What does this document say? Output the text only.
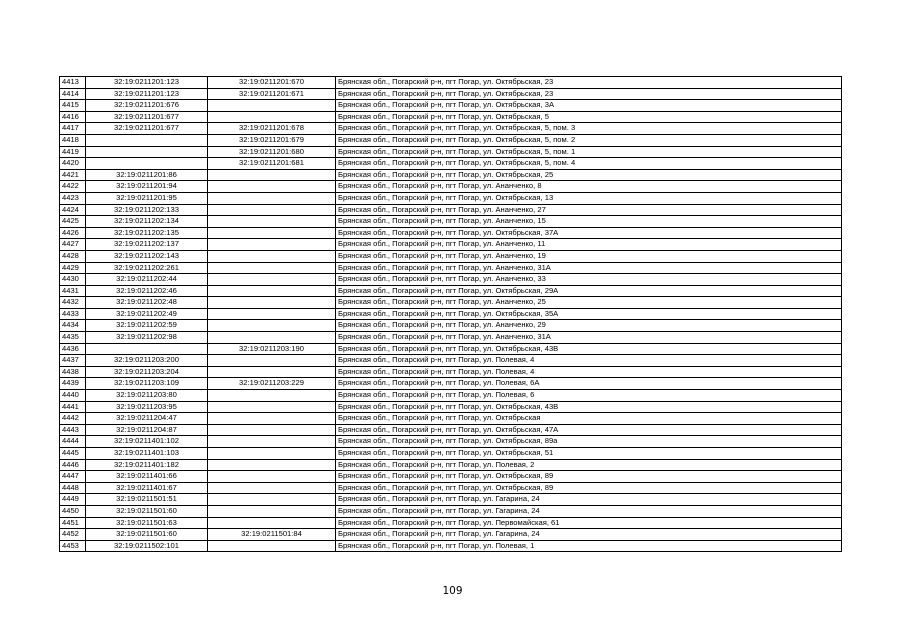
4413	32:19:0211201:123	32:19:0211201:670	Брянская обл., Погарский р-н, пгт Погар, ул. Октябрьская, 23
4414	32:19:0211201:123	32:19:0211201:671	Брянская обл., Погарский р-н, пгт Погар, ул. Октябрьская, 23
4415	32:19:0211201:676		Брянская обл., Погарский р-н, пгт Погар, ул. Октябрьская, 3А
4416	32:19:0211201:677		Брянская обл., Погарский р-н, пгт Погар, ул. Октябрьская, 5
4417	32:19:0211201:677	32:19:0211201:678	Брянская обл., Погарский р-н, пгт Погар, ул. Октябрьская, 5, пом. 3
4418		32:19:0211201:679	Брянская обл., Погарский р-н, пгт Погар, ул. Октябрьская, 5, пом. 2
4419		32:19:0211201:680	Брянская обл., Погарский р-н, пгт Погар, ул. Октябрьская, 5, пом. 1
4420		32:19:0211201:681	Брянская обл., Погарский р-н, пгт Погар, ул. Октябрьская, 5, пом. 4
4421	32:19:0211201:86		Брянская обл., Погарский р-н, пгт Погар, ул. Октябрьская, 25
4422	32:19:0211201:94		Брянская обл., Погарский р-н, пгт Погар, ул. Ананченко, 8
4423	32:19:0211201:95		Брянская обл., Погарский р-н, пгт Погар, ул. Октябрьская, 13
4424	32:19:0211202:133		Брянская обл., Погарский р-н, пгт Погар, ул. Ананченко, 27
4425	32:19:0211202:134		Брянская обл., Погарский р-н, пгт Погар, ул. Ананченко, 15
4426	32:19:0211202:135		Брянская обл., Погарский р-н, пгт Погар, ул. Октябрьская, 37А
4427	32:19:0211202:137		Брянская обл., Погарский р-н, пгт Погар, ул. Ананченко, 11
4428	32:19:0211202:143		Брянская обл., Погарский р-н, пгт Погар, ул. Ананченко, 19
4429	32:19:0211202:261		Брянская обл., Погарский р-н, пгт Погар, ул. Ананченко, 31А
4430	32:19:0211202:44		Брянская обл., Погарский р-н, пгт Погар, ул. Ананченко, 33
4431	32:19:0211202:46		Брянская обл., Погарский р-н, пгт Погар, ул. Октябрьская, 29А
4432	32:19:0211202:48		Брянская обл., Погарский р-н, пгт Погар, ул. Ананченко, 25
4433	32:19:0211202:49		Брянская обл., Погарский р-н, пгт Погар, ул. Октябрьская, 35А
4434	32:19:0211202:59		Брянская обл., Погарский р-н, пгт Погар, ул. Ананченко, 29
4435	32:19:0211202:98		Брянская обл., Погарский р-н, пгт Погар, ул. Ананченко, 31А
4436		32:19:0211203:190	Брянская обл., Погарский р-н, пгт Погар, ул. Октябрьская, 43В
4437	32:19:0211203:200		Брянская обл., Погарский р-н, пгт Погар, ул. Полевая, 4
4438	32:19:0211203:204		Брянская обл., Погарский р-н, пгт Погар, ул. Полевая, 4
4439	32:19:0211203:109	32:19:0211203:229	Брянская обл., Погарский р-н, пгт Погар, ул. Полевая, 6А
4440	32:19:0211203:80		Брянская обл., Погарский р-н, пгт Погар, ул. Полевая, 6
4441	32:19:0211203:95		Брянская обл., Погарский р-н, пгт Погар, ул. Октябрьская, 43В
4442	32:19:0211204:47		Брянская обл., Погарский р-н, пгт Погар, ул. Октябрьская
4443	32:19:0211204:87		Брянская обл., Погарский р-н, пгт Погар, ул. Октябрьская, 47А
4444	32:19:0211401:102		Брянская обл., Погарский р-н, пгт Погар, ул. Октябрьская, 89а
4445	32:19:0211401:103		Брянская обл., Погарский р-н, пгт Погар, ул. Октябрьская, 51
4446	32:19:0211401:182		Брянская обл., Погарский р-н, пгт Погар, ул. Полевая, 2
4447	32:19:0211401:66		Брянская обл., Погарский р-н, пгт Погар, ул. Октябрьская, 89
4448	32:19:0211401:67		Брянская обл., Погарский р-н, пгт Погар, ул. Октябрьская, 89
4449	32:19:0211501:51		Брянская обл., Погарский р-н, пгт Погар, ул. Гагарина, 24
4450	32:19:0211501:60		Брянская обл., Погарский р-н, пгт Погар, ул. Гагарина, 24
4451	32:19:0211501:63		Брянская обл., Погарский р-н, пгт Погар, ул. Первомайская, 61
4452	32:19:0211501:60	32:19:0211501:84	Брянская обл., Погарский р-н, пгт Погар, ул. Гагарина, 24
4453	32:19:0211502:101		Брянская обл., Погарский р-н, пгт Погар, ул. Полевая, 1
109
